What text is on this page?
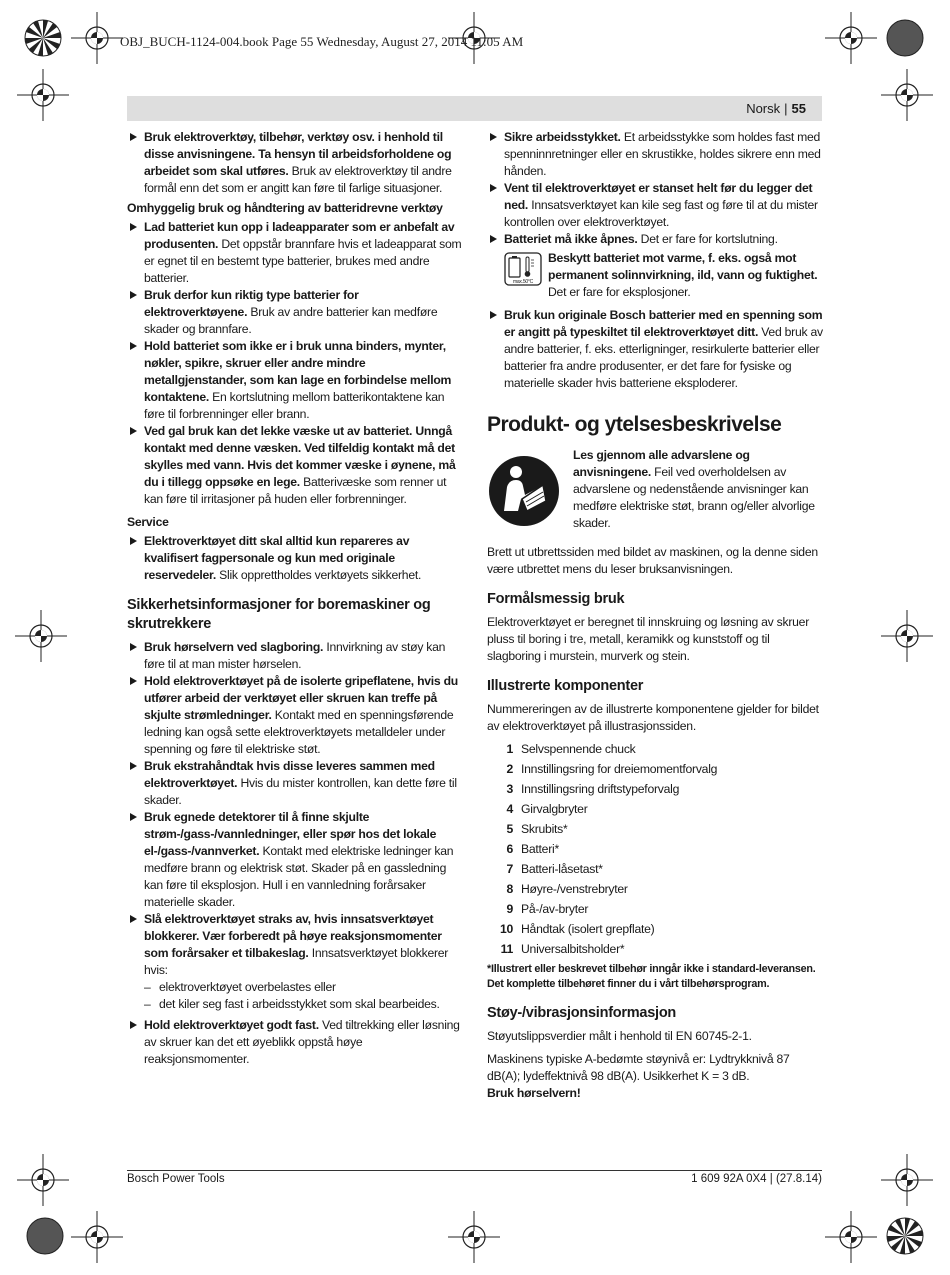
OBJ_BUCH-1124-004.book Page 55 Wednesday, August 27, 2014 11:05 AM
Norsk | 55

Bruk elektroverktøy, tilbehør, verktøy osv. i henhold til disse anvisningene. Ta hensyn til arbeidsforholdene og arbeidet som skal utføres. Bruk av elektroverktøy til andre formål enn det som er angitt kan føre til farlige situasjoner.

Omhyggelig bruk og håndtering av batteridrevne verktøy

Lad batteriet kun opp i ladeapparater som er anbefalt av produsenten. Det oppstår brannfare hvis et ladeapparat som er egnet til en bestemt type batterier, brukes med andre batterier.

Bruk derfor kun riktig type batterier for elektroverktøyene. Bruk av andre batterier kan medføre skader og brannfare.

Hold batteriet som ikke er i bruk unna binders, mynter, nøkler, spikre, skruer eller andre mindre metallgjenstander, som kan lage en forbindelse mellom kontaktene. En kortslutning mellom batterikontaktene kan føre til forbrenninger eller brann.

Ved gal bruk kan det lekke væske ut av batteriet. Unngå kontakt med denne væsken. Ved tilfeldig kontakt må det skylles med vann. Hvis det kommer væske i øynene, må du i tillegg oppsøke en lege. Batterivæske som renner ut kan føre til irritasjoner på huden eller forbrenninger.

Service

Elektroverktøyet ditt skal alltid kun repareres av kvalifisert fagpersonale og kun med originale reservedeler. Slik opprettholdes verktøyets sikkerhet.

Sikkerhetsinformasjoner for boremaskiner og skrutrekkere

Bruk hørselvern ved slagboring. Innvirkning av støy kan føre til at man mister hørselen.

Hold elektroverktøyet på de isolerte gripeflatene, hvis du utfører arbeid der verktøyet eller skruen kan treffe på skjulte strømledninger. Kontakt med en spenningsførende ledning kan også sette elektroverktøyets metalldeler under spenning og føre til elektriske støt.

Bruk ekstrahåndtak hvis disse leveres sammen med elektroverktøyet. Hvis du mister kontrollen, kan dette føre til skader.

Bruk egnede detektorer til å finne skjulte strøm-/gass-/vannledninger, eller spør hos det lokale el-/gass-/vannverket. Kontakt med elektriske ledninger kan medføre brann og elektrisk støt. Skader på en gassledning kan føre til eksplosjon. Hull i en vannledning forårsaker materielle skader.

Slå elektroverktøyet straks av, hvis innsatsverktøyet blokkerer. Vær forberedt på høye reaksjonsmomenter som forårsaker et tilbakeslag. Innsatsverktøyet blokkerer hvis:
– elektroverktøyet overbelastes eller
– det kiler seg fast i arbeidsstykket som skal bearbeides.

Hold elektroverktøyet godt fast. Ved tiltrekking eller løsning av skruer kan det ett øyeblikk oppstå høye reaksjonsmomenter.

Sikre arbeidsstykket. Et arbeidsstykke som holdes fast med spenninnretninger eller en skrustikke, holdes sikrere enn med hånden.

Vent til elektroverktøyet er stanset helt før du legger det ned. Innsatsverktøyet kan kile seg fast og føre til at du mister kontrollen over elektroverktøyet.

Batteriet må ikke åpnes. Det er fare for kortslutning.

max.50°C

Beskytt batteriet mot varme, f. eks. også mot permanent solinnvirkning, ild, vann og fuktighet. Det er fare for eksplosjoner.

Bruk kun originale Bosch batterier med en spenning som er angitt på typeskiltet til elektroverktøyet ditt. Ved bruk av andre batterier, f. eks. etterligninger, resirkulerte batterier eller batterier fra andre produsenter, er det fare for fysiske og materielle skader hvis batteriene eksploderer.

Produkt- og ytelsesbeskrivelse

Les gjennom alle advarslene og anvisningene. Feil ved overholdelsen av advarslene og nedenstående anvisninger kan medføre elektriske støt, brann og/eller alvorlige skader.

Brett ut utbrettssiden med bildet av maskinen, og la denne siden være utbrettet mens du leser bruksanvisningen.

Formålsmessig bruk

Elektroverktøyet er beregnet til innskruing og løsning av skruer pluss til boring i tre, metall, keramikk og kunststoff og til slagboring i murstein, murverk og stein.

Illustrerte komponenter

Nummereringen av de illustrerte komponentene gjelder for bildet av elektroverktøyet på illustrasjonssiden.

1 Selvspennende chuck
2 Innstillingsring for dreiemomentforvalg
3 Innstillingsring driftstypeforvalg
4 Girvalgbryter
5 Skrubits*
6 Batteri*
7 Batteri-låsetast*
8 Høyre-/venstrebryter
9 På-/av-bryter
10 Håndtak (isolert grepflate)
11 Universalbitsholder*

*Illustrert eller beskrevet tilbehør inngår ikke i standard-leveransen. Det komplette tilbehøret finner du i vårt tilbehørsprogram.

Støy-/vibrasjonsinformasjon

Støyutslippsverdier målt i henhold til EN 60745-2-1.

Maskinens typiske A-bedømte støynivå er: Lydtrykknivå 87 dB(A); lydeffektnivå 98 dB(A). Usikkerhet K = 3 dB.

Bruk hørselvern!

Bosch Power Tools	1 609 92A 0X4 | (27.8.14)
